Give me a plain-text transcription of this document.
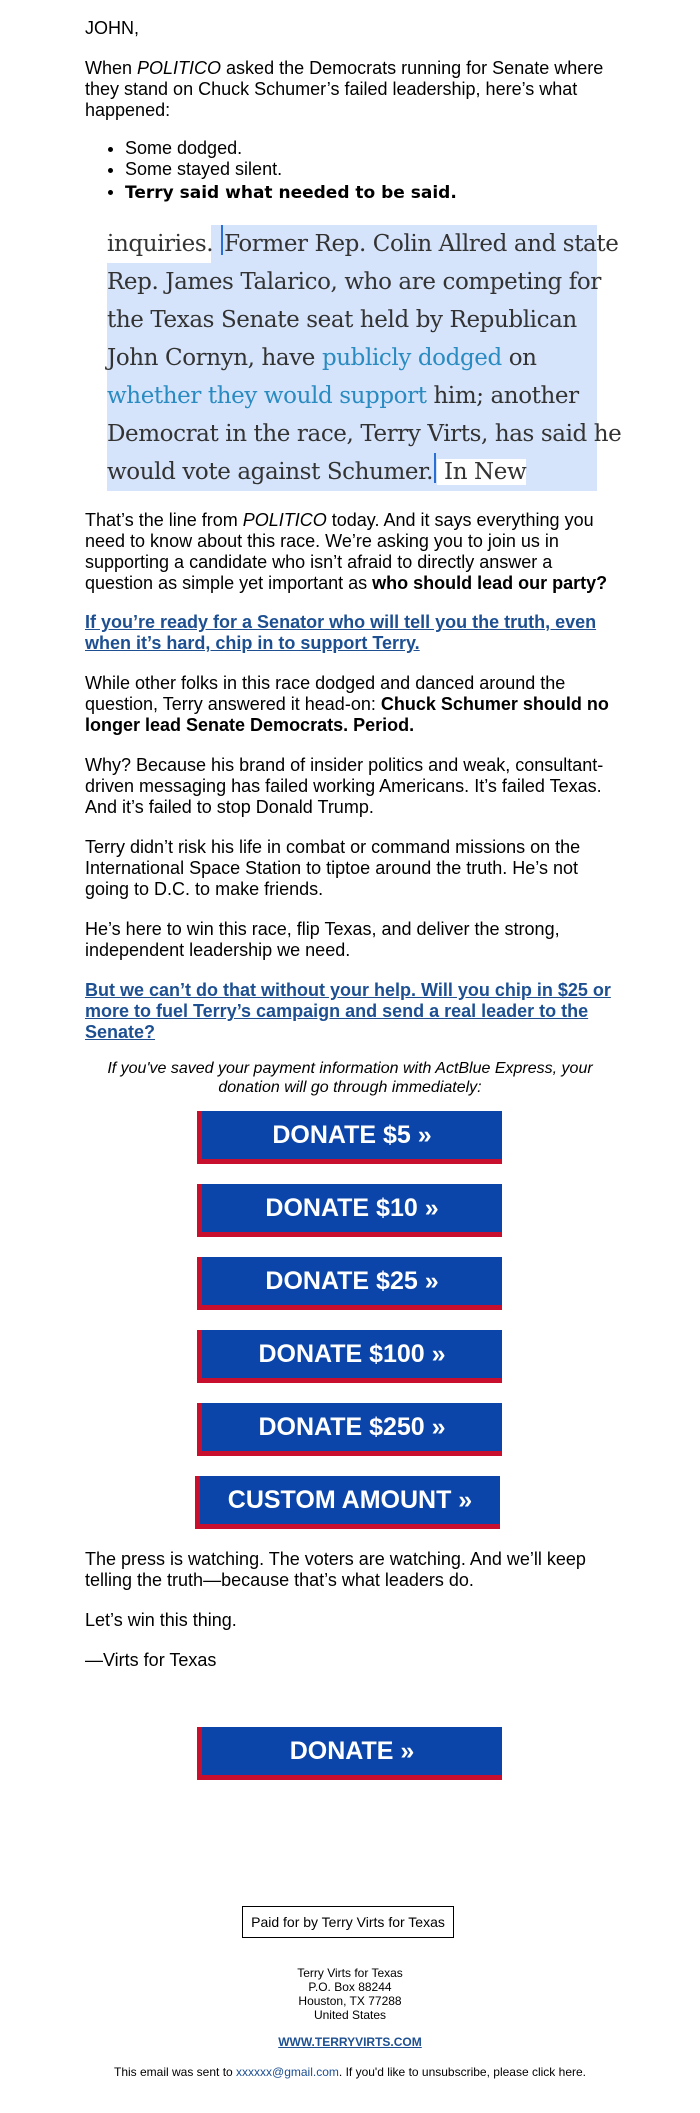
JOHN,

When POLITICO asked the Democrats running for Senate where they stand on Chuck Schumer’s failed leadership, here’s what happened:

• Some dodged.
• Some stayed silent.
• Terry said what needed to be said.
inquiries. Former Rep. Colin Allred and state
Rep. James Talarico, who are competing for
the Texas Senate seat held by Republican
John Cornyn, have publicly dodged on
whether they would support him; another
Democrat in the race, Terry Virts, has said he
would vote against Schumer. In New

That’s the line from POLITICO today. And it says everything you need to know about this race. We’re asking you to join us in supporting a candidate who isn’t afraid to directly answer a question as simple yet important as who should lead our party?

If you’re ready for a Senator who will tell you the truth, even when it’s hard, chip in to support Terry.

While other folks in this race dodged and danced around the question, Terry answered it head-on: Chuck Schumer should no longer lead Senate Democrats. Period.

Why? Because his brand of insider politics and weak, consultant-driven messaging has failed working Americans. It’s failed Texas. And it’s failed to stop Donald Trump.

Terry didn’t risk his life in combat or command missions on the International Space Station to tiptoe around the truth. He’s not going to D.C. to make friends.

He’s here to win this race, flip Texas, and deliver the strong, independent leadership we need.

But we can’t do that without your help. Will you chip in $25 or more to fuel Terry’s campaign and send a real leader to the Senate?

If you've saved your payment information with ActBlue Express, your donation will go through immediately:

DONATE $5 »
DONATE $10 »
DONATE $25 »
DONATE $100 »
DONATE $250 »
CUSTOM AMOUNT »

The press is watching. The voters are watching. And we’ll keep telling the truth—because that’s what leaders do.

Let’s win this thing.

—Virts for Texas

DONATE »
Paid for by Terry Virts for Texas
Terry Virts for Texas
P.O. Box 88244
Houston, TX 77288
United States
WWW.TERRYVIRTS.COM
This email was sent to xxxxxx@gmail.com. If you'd like to unsubscribe, please click here.
